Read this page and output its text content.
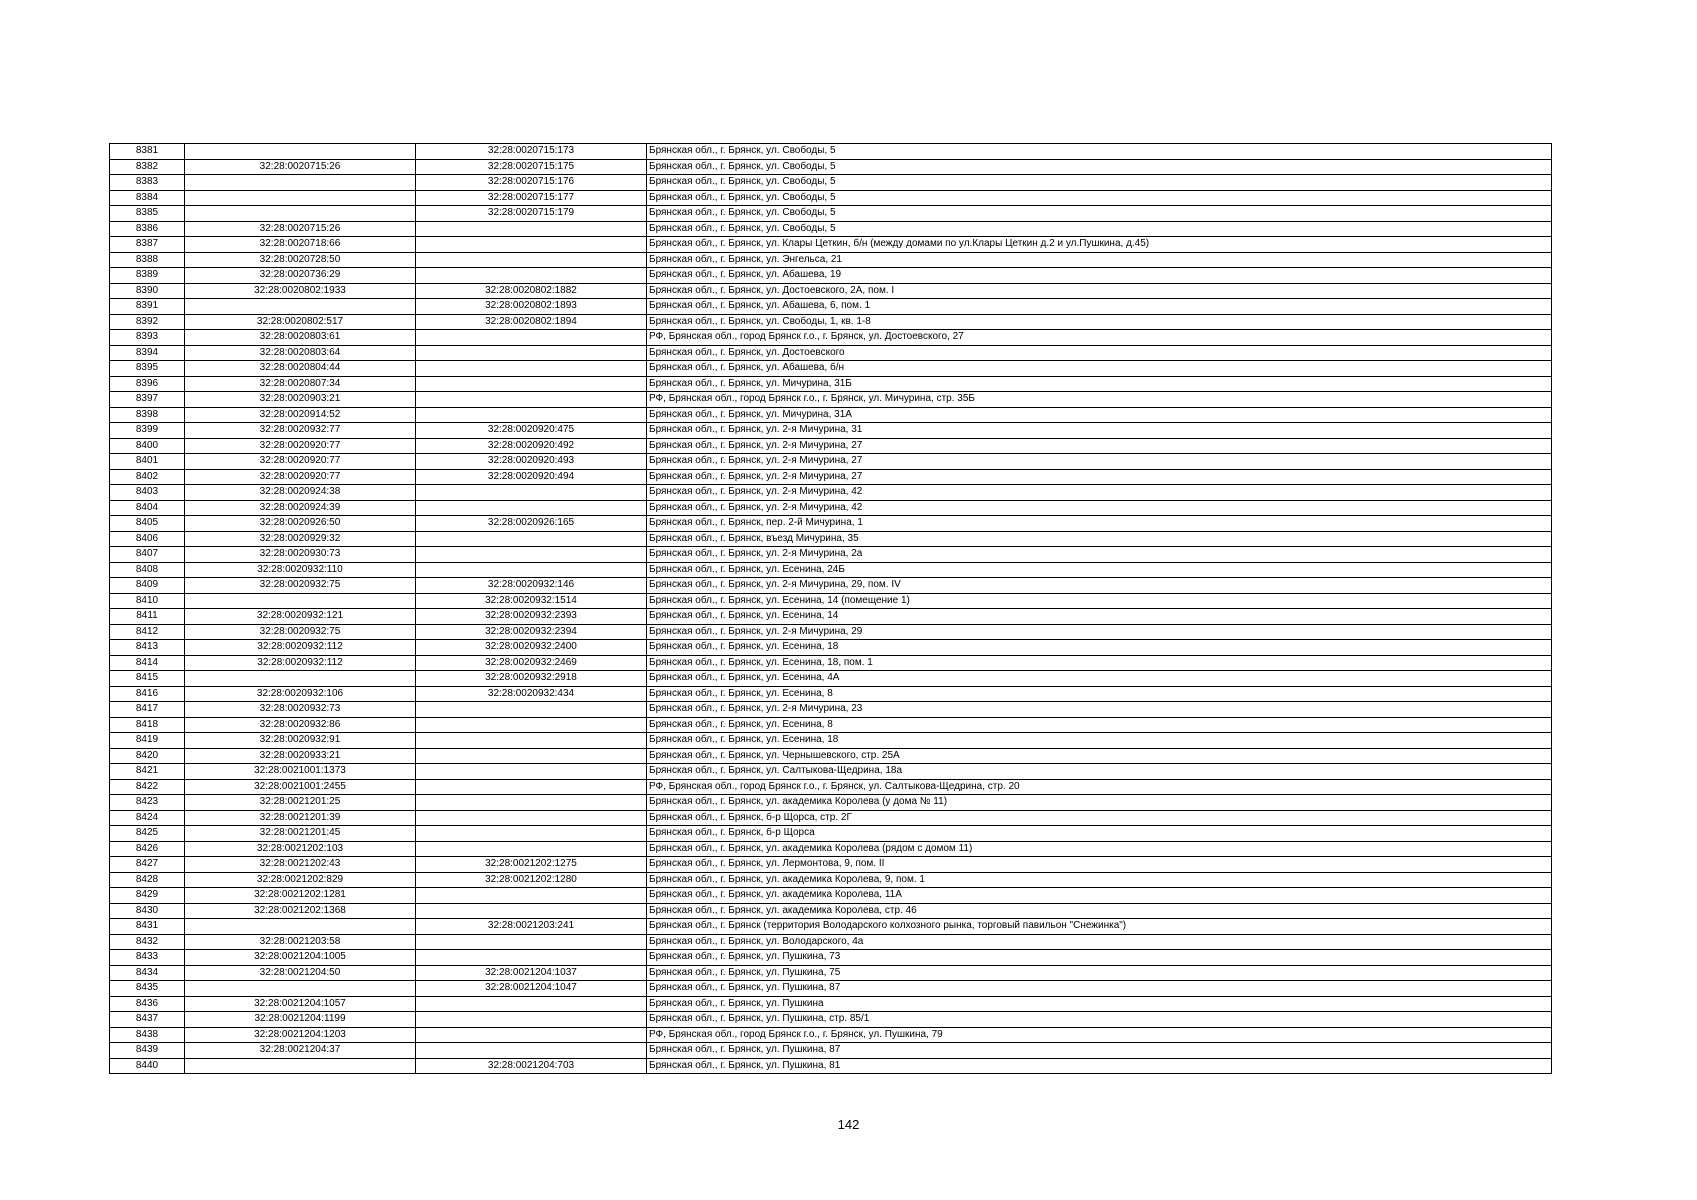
8381		32:28:0020715:173	Брянская обл., г. Брянск, ул. Свободы, 5
8382	32:28:0020715:26	32:28:0020715:175	Брянская обл., г. Брянск, ул. Свободы, 5
8383		32:28:0020715:176	Брянская обл., г. Брянск, ул. Свободы, 5
8384		32:28:0020715:177	Брянская обл., г. Брянск, ул. Свободы, 5
8385		32:28:0020715:179	Брянская обл., г. Брянск, ул. Свободы, 5
8386	32:28:0020715:26		Брянская обл., г. Брянск, ул. Свободы, 5
8387	32:28:0020718:66		Брянская обл., г. Брянск, ул. Клары Цеткин, б/н (между домами по ул.Клары Цеткин д.2 и ул.Пушкина, д.45)
8388	32:28:0020728:50		Брянская обл., г. Брянск, ул. Энгельса, 21
8389	32:28:0020736:29		Брянская обл., г. Брянск, ул. Абашева, 19
8390	32:28:0020802:1933	32:28:0020802:1882	Брянская обл., г. Брянск, ул. Достоевского, 2А, пом. I
8391		32:28:0020802:1893	Брянская обл., г. Брянск, ул. Абашева, 6, пом. 1
8392	32:28:0020802:517	32:28:0020802:1894	Брянская обл., г. Брянск, ул. Свободы, 1, кв. 1-8
8393	32:28:0020803:61		РФ, Брянская обл., город Брянск г.о., г. Брянск, ул. Достоевского, 27
8394	32:28:0020803:64		Брянская обл., г. Брянск, ул. Достоевского
8395	32:28:0020804:44		Брянская обл., г. Брянск, ул. Абашева, б/н
8396	32:28:0020807:34		Брянская обл., г. Брянск, ул. Мичурина, 31Б
8397	32:28:0020903:21		РФ, Брянская обл., город Брянск г.о., г. Брянск, ул. Мичурина, стр. 35Б
8398	32:28:0020914:52		Брянская обл., г. Брянск, ул. Мичурина, 31А
8399	32:28:0020932:77	32:28:0020920:475	Брянская обл., г. Брянск, ул. 2-я Мичурина, 31
8400	32:28:0020920:77	32:28:0020920:492	Брянская обл., г. Брянск, ул. 2-я Мичурина, 27
8401	32:28:0020920:77	32:28:0020920:493	Брянская обл., г. Брянск, ул. 2-я Мичурина, 27
8402	32:28:0020920:77	32:28:0020920:494	Брянская обл., г. Брянск, ул. 2-я Мичурина, 27
8403	32:28:0020924:38		Брянская обл., г. Брянск, ул. 2-я Мичурина, 42
8404	32:28:0020924:39		Брянская обл., г. Брянск, ул. 2-я Мичурина, 42
8405	32:28:0020926:50	32:28:0020926:165	Брянская обл., г. Брянск, пер. 2-й Мичурина, 1
8406	32:28:0020929:32		Брянская обл., г. Брянск, въезд Мичурина, 35
8407	32:28:0020930:73		Брянская обл., г. Брянск, ул. 2-я Мичурина, 2а
8408	32:28:0020932:110		Брянская обл., г. Брянск, ул. Есенина, 24Б
8409	32:28:0020932:75	32:28:0020932:146	Брянская обл., г. Брянск, ул. 2-я Мичурина, 29, пом. IV
8410		32:28:0020932:1514	Брянская обл., г. Брянск, ул. Есенина, 14 (помещение 1)
8411	32:28:0020932:121	32:28:0020932:2393	Брянская обл., г. Брянск, ул. Есенина, 14
8412	32:28:0020932:75	32:28:0020932:2394	Брянская обл., г. Брянск, ул. 2-я Мичурина, 29
8413	32:28:0020932:112	32:28:0020932:2400	Брянская обл., г. Брянск, ул. Есенина, 18
8414	32:28:0020932:112	32:28:0020932:2469	Брянская обл., г. Брянск, ул. Есенина, 18, пом. 1
8415		32:28:0020932:2918	Брянская обл., г. Брянск, ул. Есенина, 4А
8416	32:28:0020932:106	32:28:0020932:434	Брянская обл., г. Брянск, ул. Есенина, 8
8417	32:28:0020932:73		Брянская обл., г. Брянск, ул. 2-я Мичурина, 23
8418	32:28:0020932:86		Брянская обл., г. Брянск, ул. Есенина, 8
8419	32:28:0020932:91		Брянская обл., г. Брянск, ул. Есенина, 18
8420	32:28:0020933:21		Брянская обл., г. Брянск, ул. Чернышевского, стр. 25А
8421	32:28:0021001:1373		Брянская обл., г. Брянск, ул. Салтыкова-Щедрина, 18а
8422	32:28:0021001:2455		РФ, Брянская обл., город Брянск г.о., г. Брянск, ул. Салтыкова-Щедрина, стр. 20
8423	32:28:0021201:25		Брянская обл., г. Брянск, ул. академика Королева (у дома № 11)
8424	32:28:0021201:39		Брянская обл., г. Брянск, б-р Щорса, стр. 2Г
8425	32:28:0021201:45		Брянская обл., г. Брянск, б-р Щорса
8426	32:28:0021202:103		Брянская обл., г. Брянск, ул. академика Королева (рядом с домом 11)
8427	32:28:0021202:43	32:28:0021202:1275	Брянская обл., г. Брянск, ул. Лермонтова, 9, пом. II
8428	32:28:0021202:829	32:28:0021202:1280	Брянская обл., г. Брянск, ул. академика Королева, 9, пом. 1
8429	32:28:0021202:1281		Брянская обл., г. Брянск, ул. академика Королева, 11А
8430	32:28:0021202:1368		Брянская обл., г. Брянск, ул. академика Королева, стр. 46
8431		32:28:0021203:241	Брянская обл., г. Брянск (территория Володарского колхозного рынка, торговый павильон "Снежинка")
8432	32:28:0021203:58		Брянская обл., г. Брянск, ул. Володарского, 4а
8433	32:28:0021204:1005		Брянская обл., г. Брянск, ул. Пушкина, 73
8434	32:28:0021204:50	32:28:0021204:1037	Брянская обл., г. Брянск, ул. Пушкина, 75
8435		32:28:0021204:1047	Брянская обл., г. Брянск, ул. Пушкина, 87
8436	32:28:0021204:1057		Брянская обл., г. Брянск, ул. Пушкина
8437	32:28:0021204:1199		Брянская обл., г. Брянск, ул. Пушкина, стр. 85/1
8438	32:28:0021204:1203		РФ, Брянская обл., город Брянск г.о., г. Брянск, ул. Пушкина, 79
8439	32:28:0021204:37		Брянская обл., г. Брянск, ул. Пушкина, 87
8440		32:28:0021204:703	Брянская обл., г. Брянск, ул. Пушкина, 81
142
